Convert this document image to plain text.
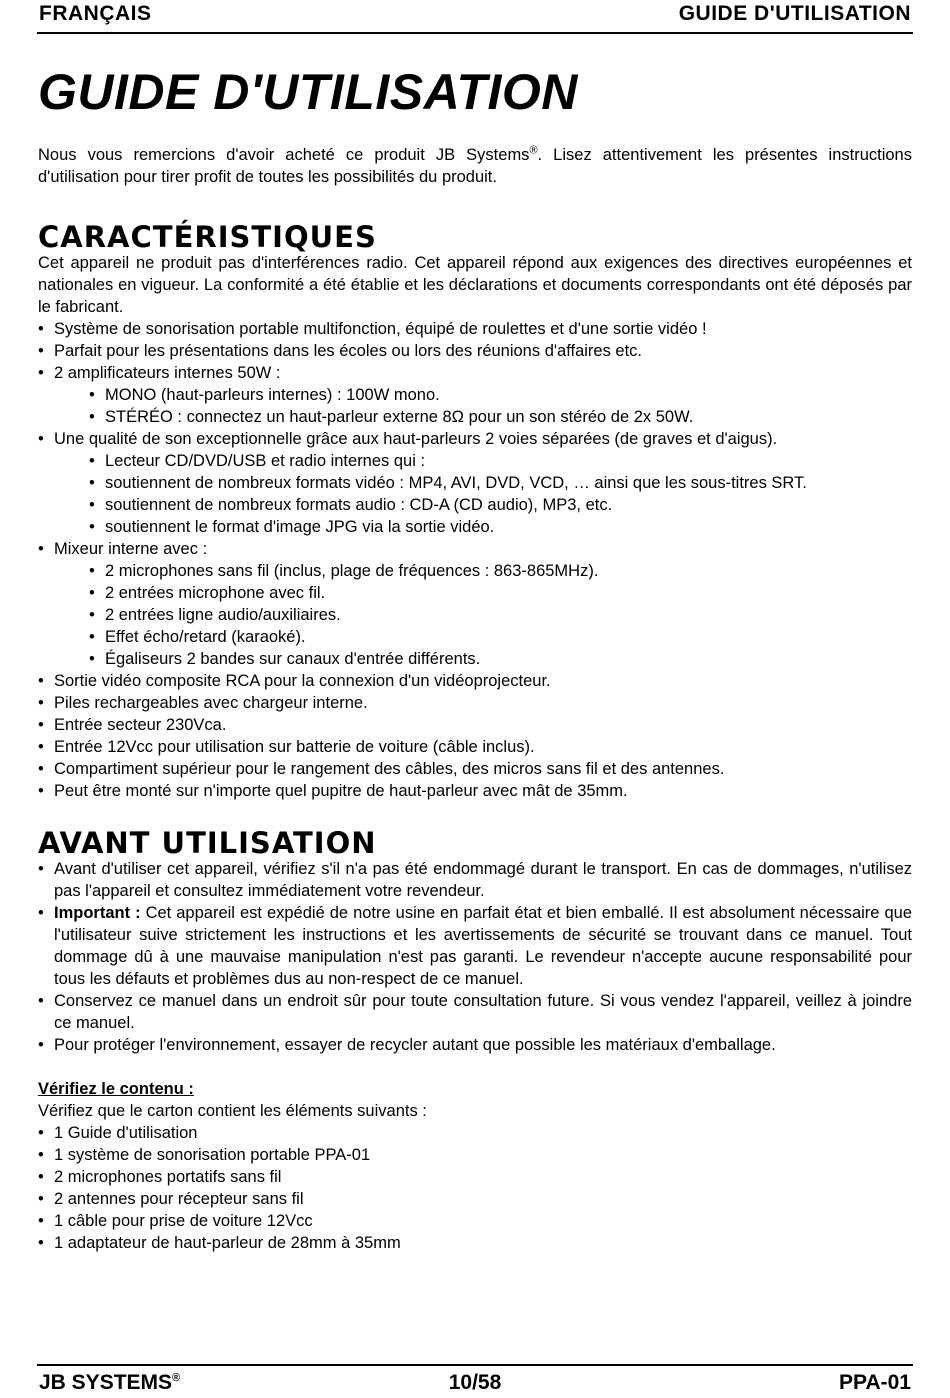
FRANÇAIS	GUIDE D'UTILISATION
GUIDE D'UTILISATION

Nous vous remercions d'avoir acheté ce produit JB Systems®. Lisez attentivement les présentes instructions d'utilisation pour tirer profit de toutes les possibilités du produit.

CARACTÉRISTIQUES

Cet appareil ne produit pas d'interférences radio. Cet appareil répond aux exigences des directives européennes et nationales en vigueur. La conformité a été établie et les déclarations et documents correspondants ont été déposés par le fabricant.

• Système de sonorisation portable multifonction, équipé de roulettes et d'une sortie vidéo !
• Parfait pour les présentations dans les écoles ou lors des réunions d'affaires etc.
• 2 amplificateurs internes 50W :
• MONO (haut-parleurs internes) : 100W mono.
• STÉRÉO : connectez un haut-parleur externe 8Ω pour un son stéréo de 2x 50W.
• Une qualité de son exceptionnelle grâce aux haut-parleurs 2 voies séparées (de graves et d'aigus).
• Lecteur CD/DVD/USB et radio internes qui :
• soutiennent de nombreux formats vidéo : MP4, AVI, DVD, VCD, … ainsi que les sous-titres SRT.
• soutiennent de nombreux formats audio : CD-A (CD audio), MP3, etc.
• soutiennent le format d'image JPG via la sortie vidéo.
• Mixeur interne avec :
• 2 microphones sans fil (inclus, plage de fréquences : 863-865MHz).
• 2 entrées microphone avec fil.
• 2 entrées ligne audio/auxiliaires.
• Effet écho/retard (karaoké).
• Égaliseurs 2 bandes sur canaux d'entrée différents.
• Sortie vidéo composite RCA pour la connexion d'un vidéoprojecteur.
• Piles rechargeables avec chargeur interne.
• Entrée secteur 230Vca.
• Entrée 12Vcc pour utilisation sur batterie de voiture (câble inclus).
• Compartiment supérieur pour le rangement des câbles, des micros sans fil et des antennes.
• Peut être monté sur n'importe quel pupitre de haut-parleur avec mât de 35mm.
AVANT UTILISATION
• Avant d'utiliser cet appareil, vérifiez s'il n'a pas été endommagé durant le transport. En cas de dommages, n'utilisez pas l'appareil et consultez immédiatement votre revendeur.
• Important : Cet appareil est expédié de notre usine en parfait état et bien emballé. Il est absolument nécessaire que l'utilisateur suive strictement les instructions et les avertissements de sécurité se trouvant dans ce manuel. Tout dommage dû à une mauvaise manipulation n'est pas garanti. Le revendeur n'accepte aucune responsabilité pour tous les défauts et problèmes dus au non-respect de ce manuel.
• Conservez ce manuel dans un endroit sûr pour toute consultation future. Si vous vendez l'appareil, veillez à joindre ce manuel.
• Pour protéger l'environnement, essayer de recycler autant que possible les matériaux d'emballage.

Vérifiez le contenu :

Vérifiez que le carton contient les éléments suivants :

• 1 Guide d'utilisation
• 1 système de sonorisation portable PPA-01
• 2 microphones portatifs sans fil
• 2 antennes pour récepteur sans fil
• 1 câble pour prise de voiture 12Vcc
• 1 adaptateur de haut-parleur de 28mm à 35mm
JB SYSTEMS®	10/58	PPA-01
